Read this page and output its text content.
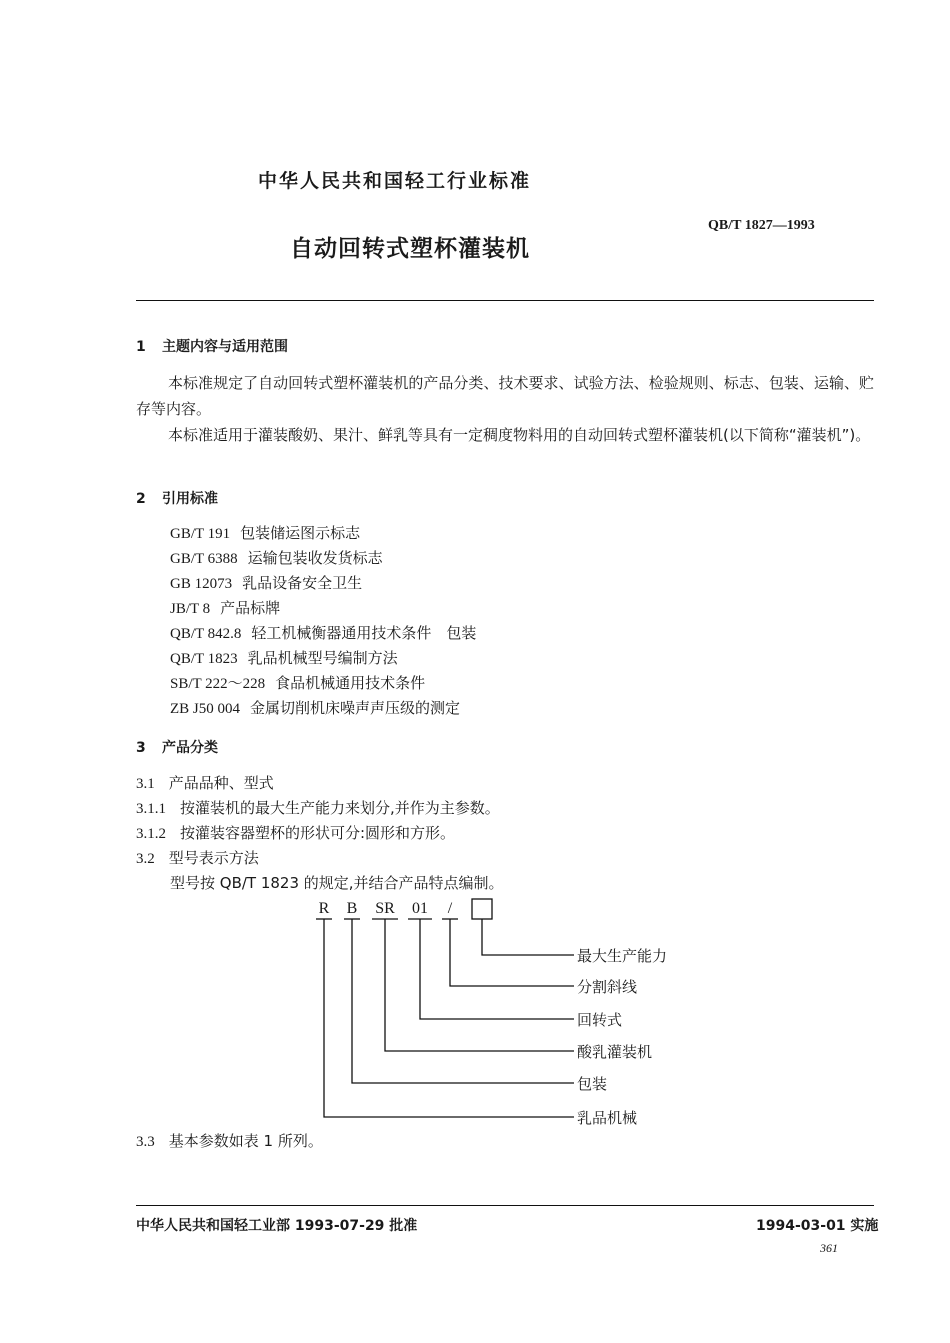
中华人民共和国轻工行业标准
QB/T 1827—1993
自动回转式塑杯灌装机
1 主题内容与适用范围
本标准规定了自动回转式塑杯灌装机的产品分类、技术要求、试验方法、检验规则、标志、包装、运输、贮存等内容。
本标准适用于灌装酸奶、果汁、鲜乳等具有一定稠度物料用的自动回转式塑杯灌装机(以下简称“灌装机”)。
2 引用标准
GB/T 191 包装储运图示标志
GB/T 6388 运输包装收发货标志
GB 12073 乳品设备安全卫生
JB/T 8 产品标牌
QB/T 842.8 轻工机械衡器通用技术条件　包装
QB/T 1823 乳品机械型号编制方法
SB/T 222～228 食品机械通用技术条件
ZB J50 004 金属切削机床噪声声压级的测定
3 产品分类
3.1 产品品种、型式
3.1.1 按灌装机的最大生产能力来划分,并作为主参数。
3.1.2 按灌装容器塑杯的形状可分:圆形和方形。
3.2 型号表示方法
型号按 QB/T 1823 的规定,并结合产品特点编制。
R B SR 01	/
最大生产能力
分割斜线
回转式
酸乳灌装机
包装
乳品机械
3.3 基本参数如表 1 所列。
中华人民共和国轻工业部 1993-07-29 批准	1994-03-01 实施
361
